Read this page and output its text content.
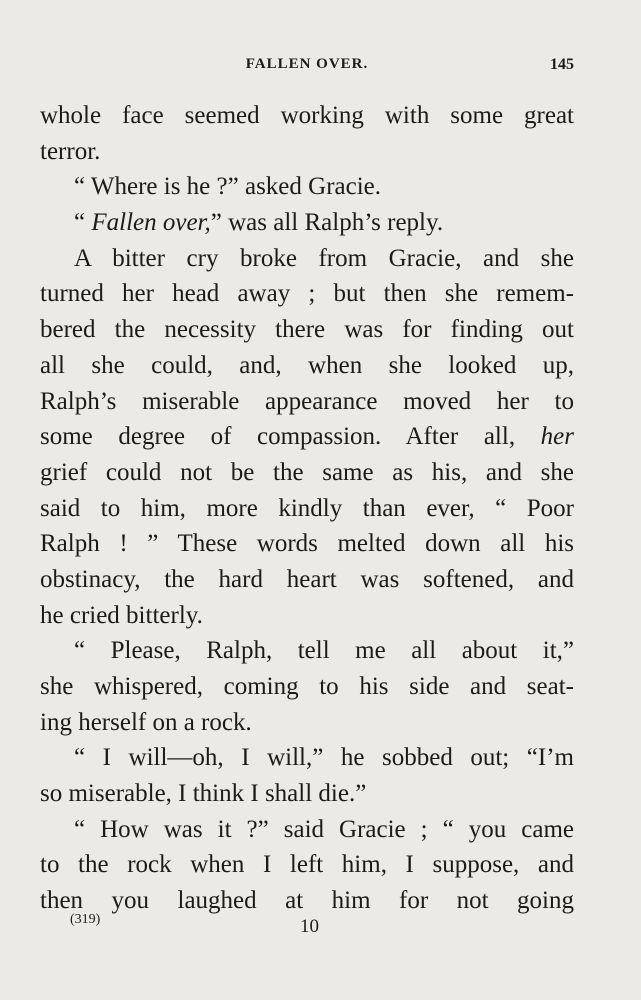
FALLEN OVER.	145
whole face seemed working with some great
terror.
“ Where is he ?” asked Gracie.
“ Fallen over,” was all Ralph’s reply.
A bitter cry broke from Gracie, and she
turned her head away ; but then she remem-
bered the necessity there was for finding out
all she could, and, when she looked up,
Ralph’s miserable appearance moved her to
some degree of compassion. After all, her
grief could not be the same as his, and she
said to him, more kindly than ever, “ Poor
Ralph ! ” These words melted down all his
obstinacy, the hard heart was softened, and
he cried bitterly.
“ Please, Ralph, tell me all about it,”
she whispered, coming to his side and seat-
ing herself on a rock.
“ I will—oh, I will,” he sobbed out; “I’m
so miserable, I think I shall die.”
“ How was it ?” said Gracie ; “ you came
to the rock when I left him, I suppose, and
then you laughed at him for not going
(319)	10
